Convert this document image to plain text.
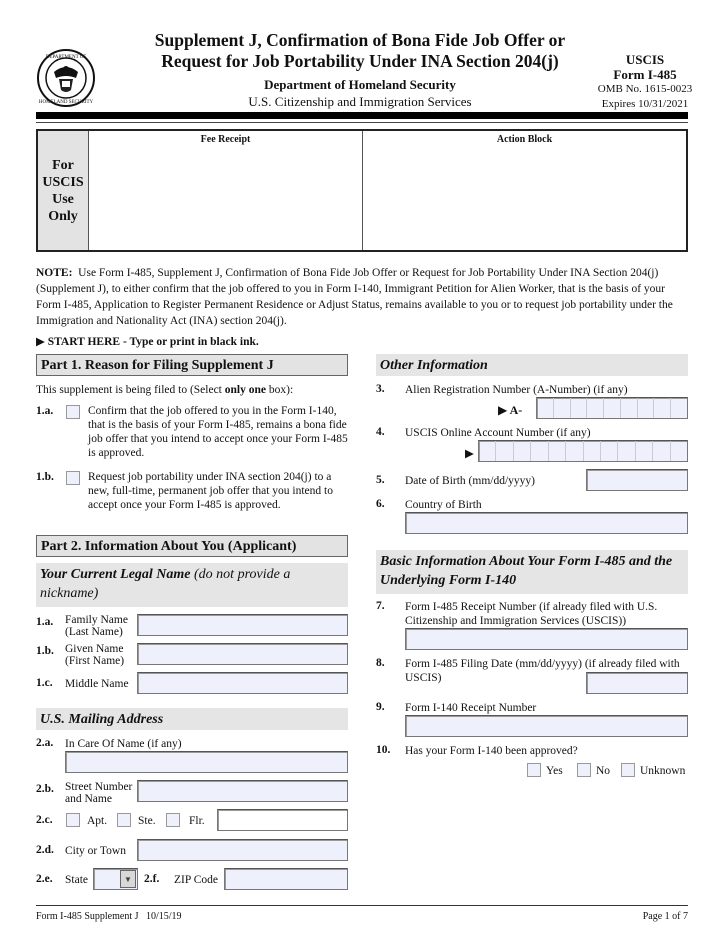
DEPARTMENT OF
HOMELAND SECURITY
Supplement J, Confirmation of Bona Fide Job Offer or
Request for Job Portability Under INA Section 204(j)
Department of Homeland Security
U.S. Citizenship and Immigration Services
USCIS
Form I-485
OMB No. 1615-0023
Expires 10/31/2021
For
USCIS
Use
Only
Fee Receipt	Action Block
NOTE: Use Form I-485, Supplement J, Confirmation of Bona Fide Job Offer or Request for Job Portability Under INA Section 204(j) (Supplement J), to either confirm that the job offered to you in Form I-140, Immigrant Petition for Alien Worker, that is the basis of your Form I-485, Application to Register Permanent Residence or Adjust Status, remains available to you or to request job portability under the Immigration and Nationality Act (INA) section 204(j).
▶ START HERE - Type or print in black ink.
Part 1. Reason for Filing Supplement J
This supplement is being filed to (Select only one box):
1.a.	Confirm that the job offered to you in the Form I-140, that is the basis of your Form I-485, remains a bona fide job offer that you intend to accept once your Form I-485 is approved.
1.b.	Request job portability under INA section 204(j) to a new, full-time, permanent job offer that you intend to accept once your Form I-485 is approved.
Part 2. Information About You (Applicant)
Your Current Legal Name (do not provide a nickname)
1.a. Family Name
(Last Name)
1.b. Given Name
(First Name)
1.c. Middle Name
U.S. Mailing Address
2.a. In Care Of Name (if any)
2.b. Street Number
and Name
2.c.	Apt.	Ste.	Flr.
2.d. City or Town
2.e. State	▼	2.f. ZIP Code
Other Information
3. Alien Registration Number (A-Number) (if any)
▶ A-
4. USCIS Online Account Number (if any)
▶
5. Date of Birth (mm/dd/yyyy)
6. Country of Birth
Basic Information About Your Form I-485 and the Underlying Form I-140
7. Form I-485 Receipt Number (if already filed with U.S. Citizenship and Immigration Services (USCIS))
8. Form I-485 Filing Date (mm/dd/yyyy) (if already filed with USCIS)
9. Form I-140 Receipt Number
10. Has your Form I-140 been approved?
Yes	No	Unknown
Form I-485 Supplement J   10/15/19	Page 1 of 7
